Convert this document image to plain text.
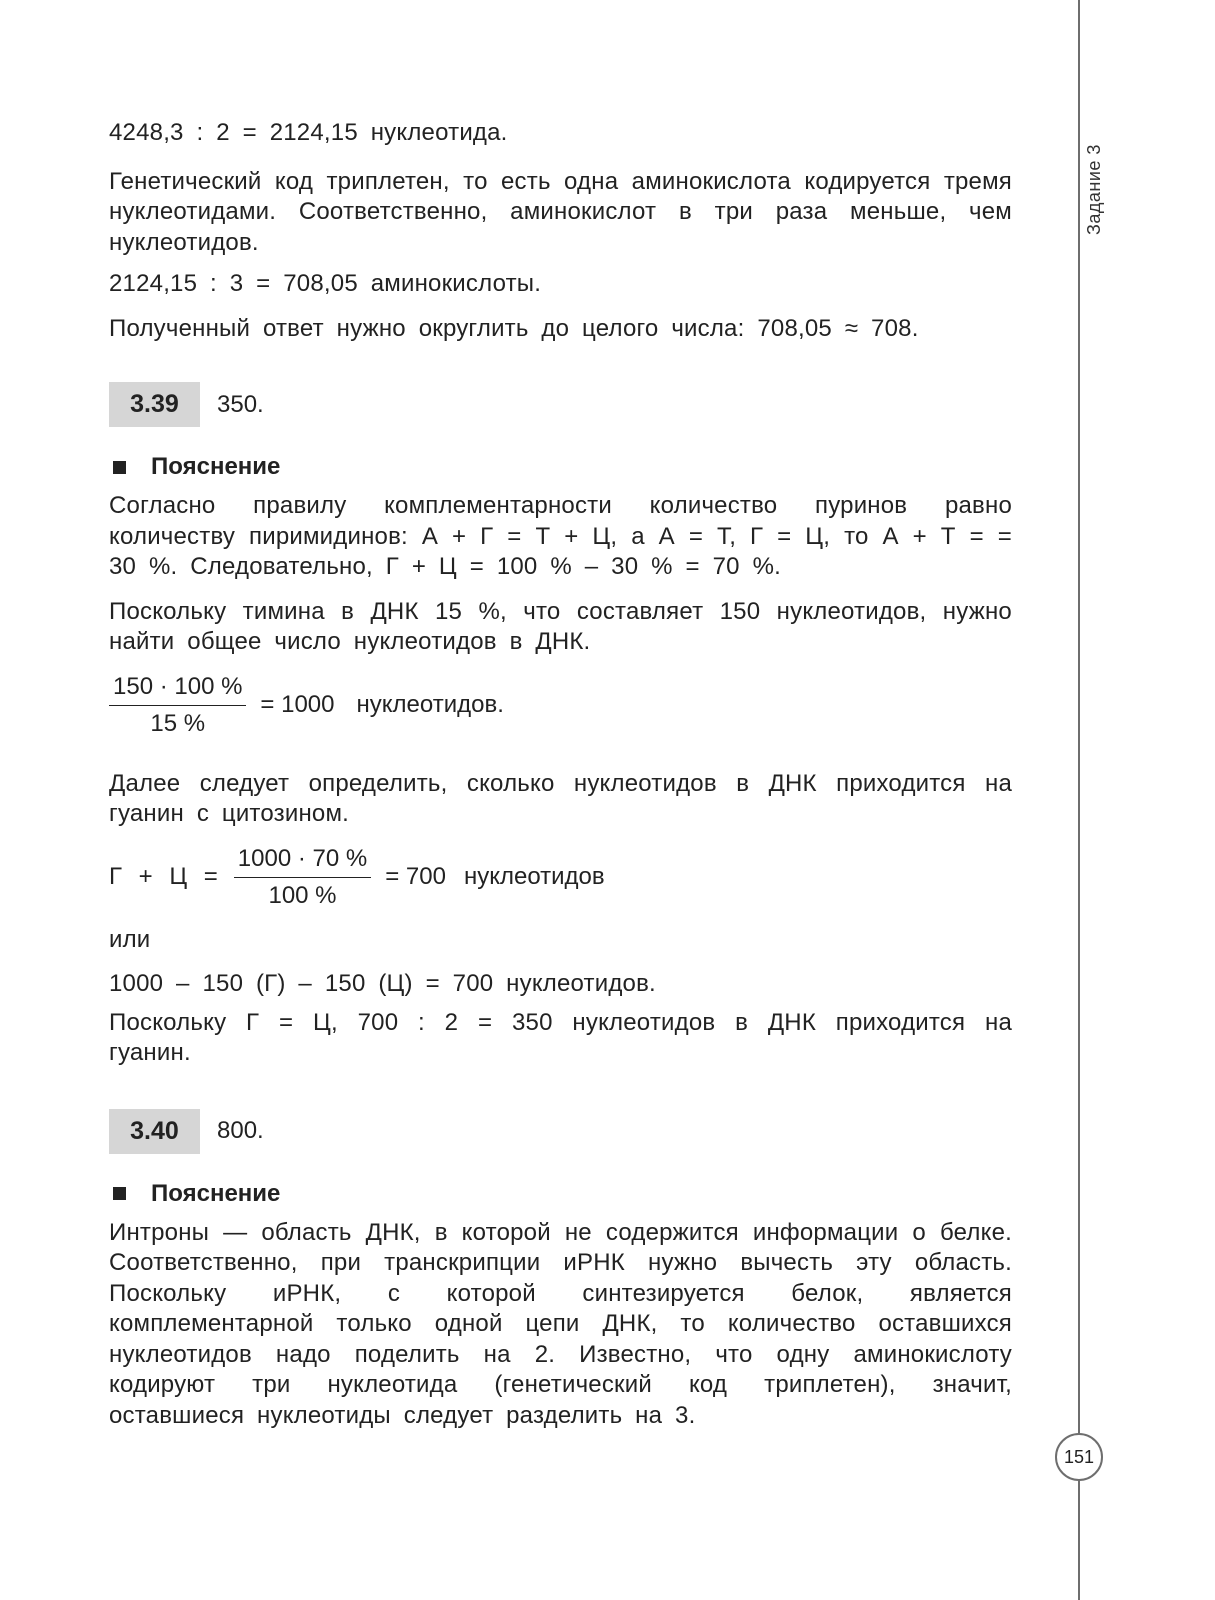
4248,3 : 2 = 2124,15 нуклеотида.

Генетический код триплетен, то есть одна аминокислота кодируется тремя нуклеотидами. Соответственно, аминокислот в три раза меньше, чем нуклеотидов.

2124,15 : 3 = 708,05 аминокислоты.

Полученный ответ нужно округлить до целого числа: 708,05 ≈ 708.

3.39	350.
Пояснение

Согласно правилу комплементарности количество пуринов равно количеству пиримидинов: А + Г = Т + Ц, а А = Т, Г = Ц, то А + Т = = 30 %. Следовательно, Г + Ц = 100 % – 30 % = 70 %.

Поскольку тимина в ДНК 15 %, что составляет 150 нуклеотидов, нужно найти общее число нуклеотидов в ДНК.

$\frac{150 \cdot 100 \%}{15 \%} = 1000$ нуклеотидов.

Далее следует определить, сколько нуклеотидов в ДНК приходится на гуанин с цитозином.

$Г + Ц = \frac{1000 \cdot 70 \%}{100 \%} = 700$ нуклеотидов

или

1000 – 150 (Г) – 150 (Ц) = 700 нуклеотидов.

Поскольку Г = Ц, 700 : 2 = 350 нуклеотидов в ДНК приходится на гуанин.

3.40	800.
Пояснение

Интроны — область ДНК, в которой не содержится информации о белке. Соответственно, при транскрипции иРНК нужно вычесть эту область. Поскольку иРНК, с которой синтезируется белок, является комплементарной только одной цепи ДНК, то количество оставшихся нуклеотидов надо поделить на 2. Известно, что одну аминокислоту кодируют три нуклеотида (генетический код триплетен), значит, оставшиеся нуклеотиды следует разделить на 3.

Задание 3
151
